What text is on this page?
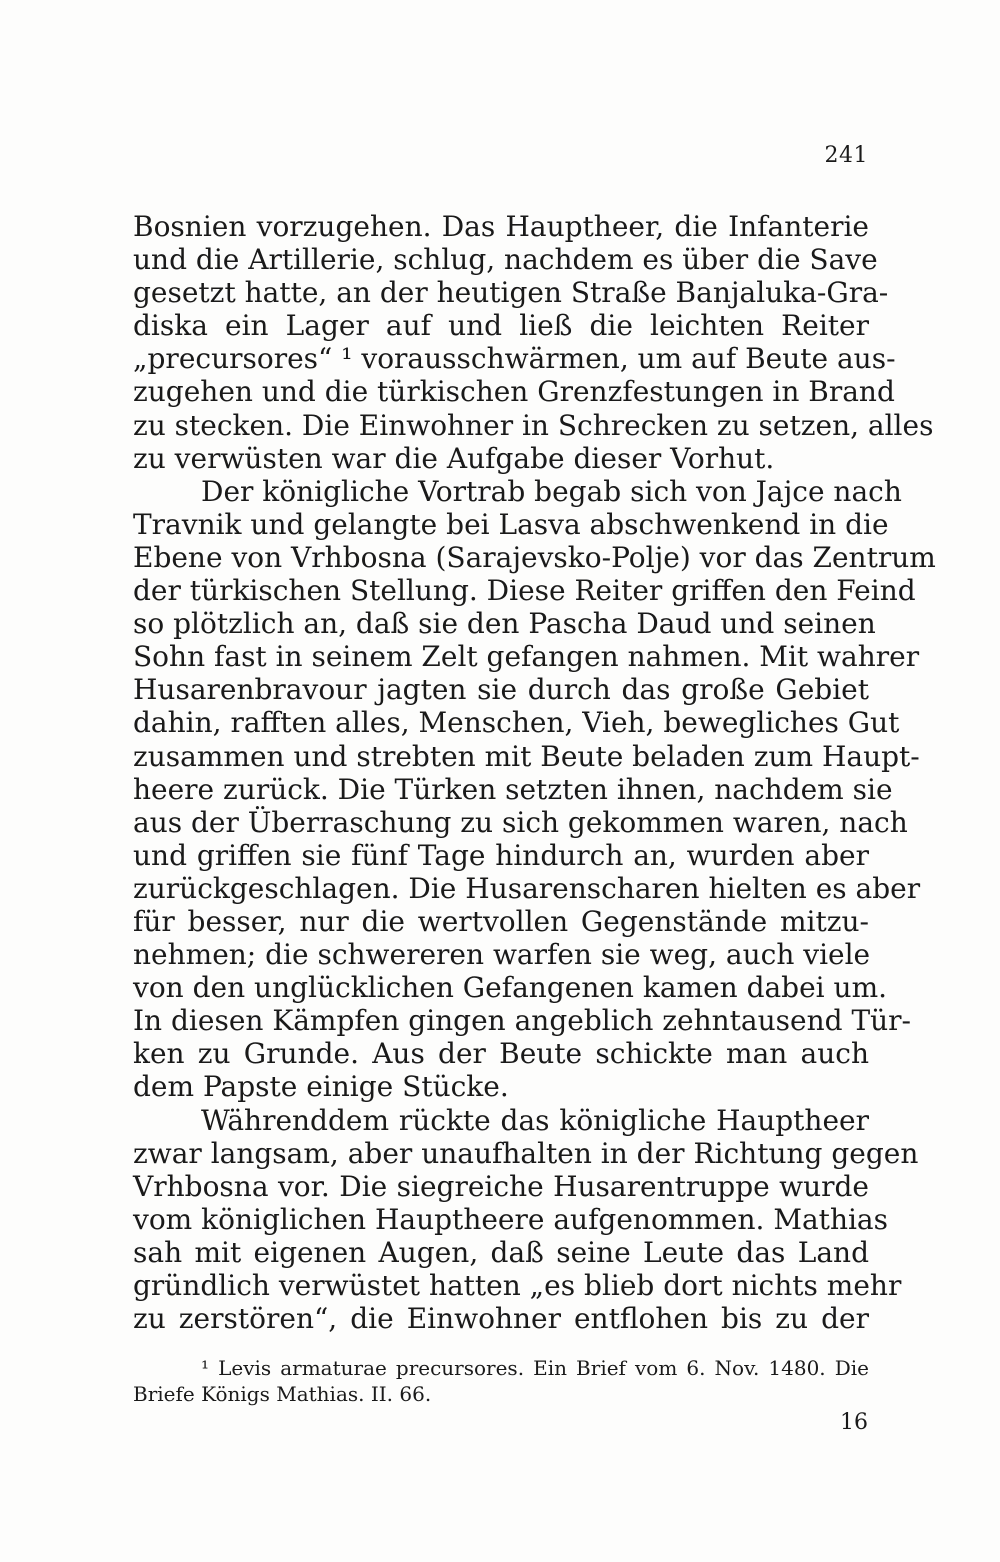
241

Bosnien vorzugehen. Das Hauptheer, die Infanterie
und die Artillerie, schlug, nachdem es über die Save
gesetzt hatte, an der heutigen Straße Banjaluka-Gra-
diska ein Lager auf und ließ die leichten Reiter
„precursores“ ¹ vorausschwärmen, um auf Beute aus-
zugehen und die türkischen Grenzfestungen in Brand
zu stecken. Die Einwohner in Schrecken zu setzen, alles
zu verwüsten war die Aufgabe dieser Vorhut.

Der königliche Vortrab begab sich von Jajce nach
Travnik und gelangte bei Lasva abschwenkend in die
Ebene von Vrhbosna (Sarajevsko-Polje) vor das Zentrum
der türkischen Stellung. Diese Reiter griffen den Feind
so plötzlich an, daß sie den Pascha Daud und seinen
Sohn fast in seinem Zelt gefangen nahmen. Mit wahrer
Husarenbravour jagten sie durch das große Gebiet
dahin, rafften alles, Menschen, Vieh, bewegliches Gut
zusammen und strebten mit Beute beladen zum Haupt-
heere zurück. Die Türken setzten ihnen, nachdem sie
aus der Überraschung zu sich gekommen waren, nach
und griffen sie fünf Tage hindurch an, wurden aber
zurückgeschlagen. Die Husarenscharen hielten es aber
für besser, nur die wertvollen Gegenstände mitzu-
nehmen; die schwereren warfen sie weg, auch viele
von den unglücklichen Gefangenen kamen dabei um.
In diesen Kämpfen gingen angeblich zehntausend Tür-
ken zu Grunde. Aus der Beute schickte man auch
dem Papste einige Stücke.

Währenddem rückte das königliche Hauptheer
zwar langsam, aber unaufhalten in der Richtung gegen
Vrhbosna vor. Die siegreiche Husarentruppe wurde
vom königlichen Hauptheere aufgenommen. Mathias
sah mit eigenen Augen, daß seine Leute das Land
gründlich verwüstet hatten „es blieb dort nichts mehr
zu zerstören“, die Einwohner entflohen bis zu der

¹ Levis armaturae precursores. Ein Brief vom 6. Nov. 1480. Die
Briefe Königs Mathias. II. 66.
16
